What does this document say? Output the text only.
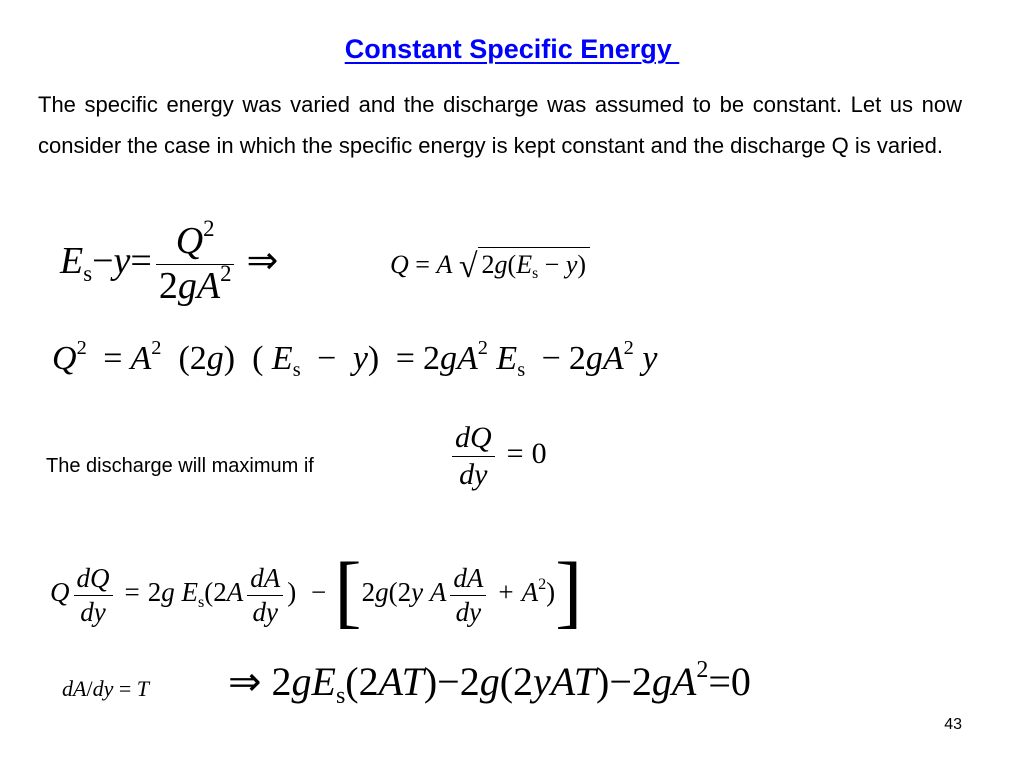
Constant Specific Energy
The specific energy was varied and the discharge was assumed to be constant. Let us now consider the case in which the specific energy is kept constant and the discharge Q is varied.
$E_s-y= \frac{Q^2}{2gA^2}$ ⇒	Q = A √ $2g(E_s - y)$
$Q^2 = A^2$  (2g)  ( $E_s - y) = 2gA^2$ $E_s - 2gA^2$ y
The discharge will maximum if	$\frac{dQ}{dy} = 0$
Q $\frac{dQ}{dy} = 2g$ $E_s(2A \frac{dA}{dy}$ ) −[2g(2y A $\frac{dA}{dy} + A^2$)]
dA/dy = T ⇒ $2gE_s(2AT)-2g(2yAT)-2gA^2=0$
43
